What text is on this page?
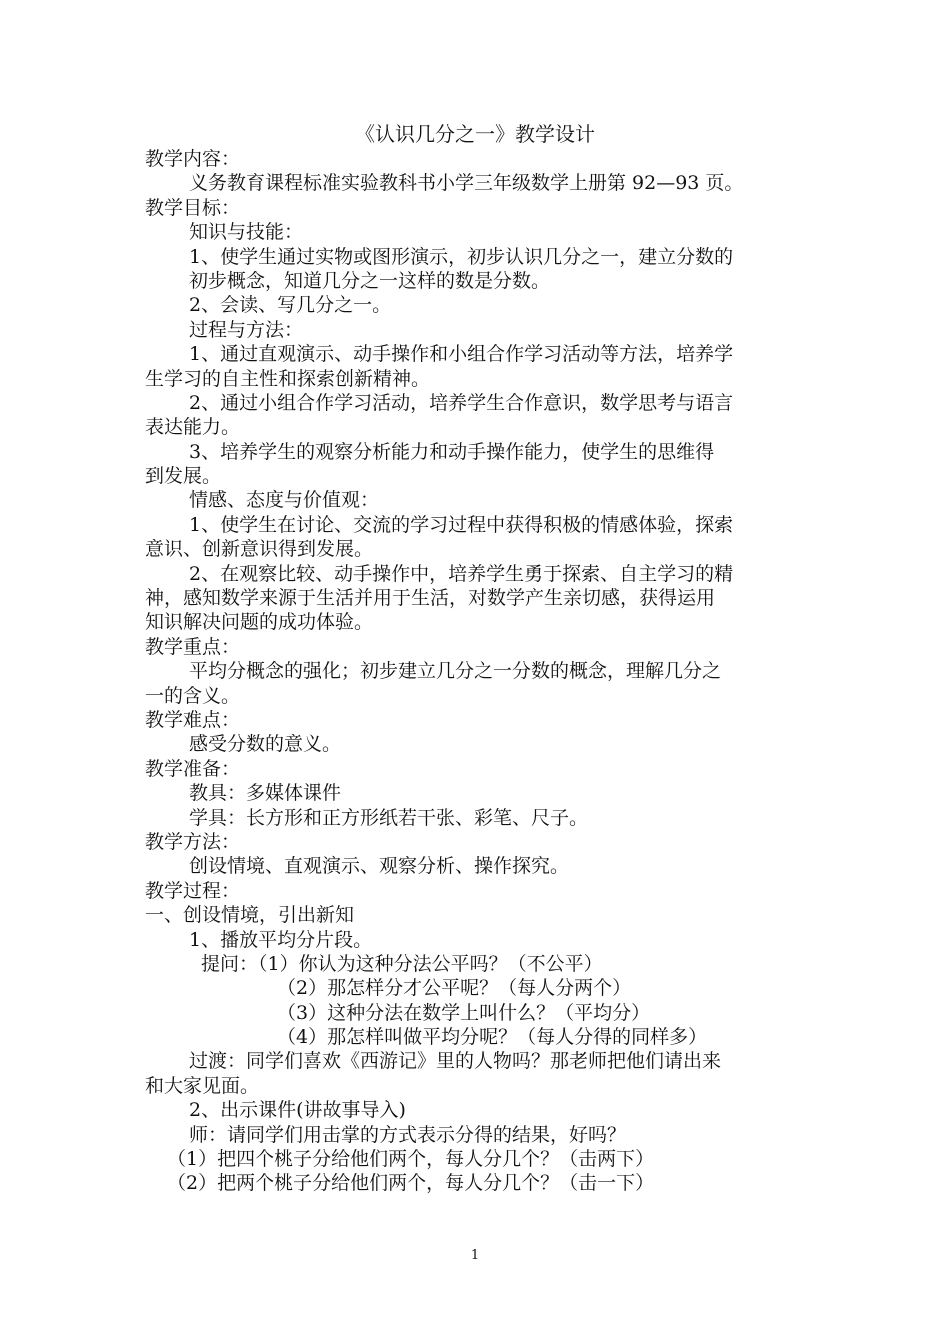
《认识几分之一》教学设计
教学内容：
义务教育课程标准实验教科书小学三年级数学上册第 92—93 页。
教学目标：
知识与技能：
1、使学生通过实物或图形演示，初步认识几分之一，建立分数的
初步概念，知道几分之一这样的数是分数。
2、会读、写几分之一。
过程与方法：
1、通过直观演示、动手操作和小组合作学习活动等方法，培养学
生学习的自主性和探索创新精神。
2、通过小组合作学习活动，培养学生合作意识，数学思考与语言
表达能力。
3、培养学生的观察分析能力和动手操作能力，使学生的思维得
到发展。
情感、态度与价值观：
1、使学生在讨论、交流的学习过程中获得积极的情感体验，探索
意识、创新意识得到发展。
2、在观察比较、动手操作中，培养学生勇于探索、自主学习的精
神，感知数学来源于生活并用于生活，对数学产生亲切感，获得运用
知识解决问题的成功体验。
教学重点：
平均分概念的强化；初步建立几分之一分数的概念，理解几分之
一的含义。
教学难点：
感受分数的意义。
教学准备：
教具：多媒体课件
学具：长方形和正方形纸若干张、彩笔、尺子。
教学方法：
创设情境、直观演示、观察分析、操作探究。
教学过程：
一、创设情境，引出新知
1、播放平均分片段。
提问：（1）你认为这种分法公平吗？（不公平）
（2）那怎样分才公平呢？（每人分两个）
（3）这种分法在数学上叫什么？（平均分）
（4）那怎样叫做平均分呢？（每人分得的同样多）
过渡：同学们喜欢《西游记》里的人物吗？那老师把他们请出来
和大家见面。
2、出示课件(讲故事导入)
师：请同学们用击掌的方式表示分得的结果，好吗？
（1）把四个桃子分给他们两个，每人分几个？（击两下）
（2）把两个桃子分给他们两个，每人分几个？（击一下）
1
